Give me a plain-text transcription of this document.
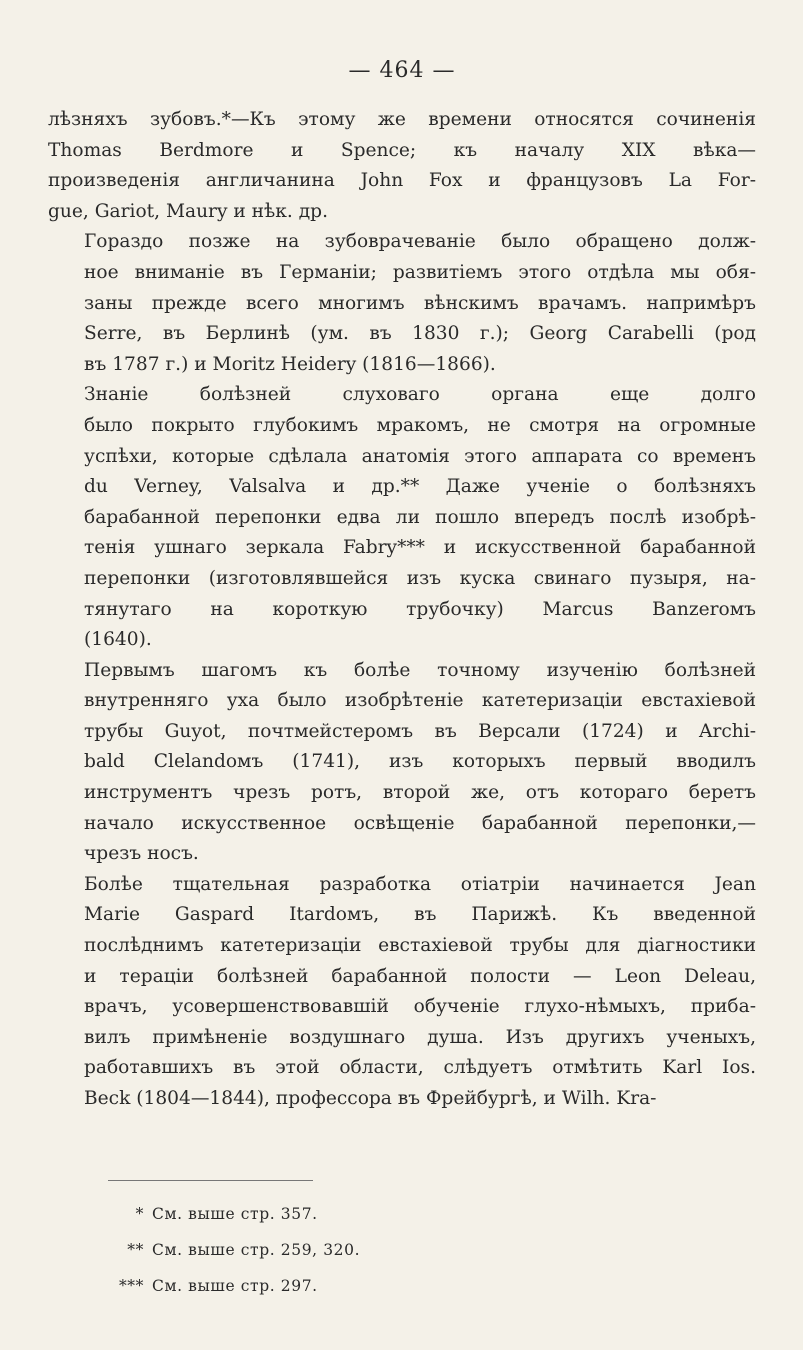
— 464 —

лѣзняхъ зубовъ.*—Къ этому же времени относятся сочиненія
Thomas Berdmore и Spence; къ началу XIX вѣка—
произведенія англичанина John Fox и французовъ La For-
gue, Gariot, Maury и нѣк. др.

Гораздо позже на зубоврачеваніе было обращено долж-
ное вниманіе въ Германіи; развитіемъ этого отдѣла мы обя-
заны прежде всего многимъ вѣнскимъ врачамъ. напримѣръ
Serre, въ Берлинѣ (ум. въ 1830 г.); Georg Carabelli (род
въ 1787 г.) и Moritz Heidery (1816—1866).

Знаніе болѣзней слуховаго органа еще долго
было покрыто глубокимъ мракомъ, не смотря на огромные
успѣхи, которые сдѣлала анатомія этого аппарата со временъ
du Verney, Valsalva и др.** Даже ученіе о болѣзняхъ
барабанной перепонки едва ли пошло впередъ послѣ изобрѣ-
тенія ушнаго зеркала Fabry*** и искусственной барабанной
перепонки (изготовлявшейся изъ куска свинаго пузыря, на-
тянутаго на короткую трубочку) Marcus Banzerомъ
(1640).

Первымъ шагомъ къ болѣе точному изученію болѣзней
внутренняго уха было изобрѣтеніе катетеризаціи евстахіевой
трубы Guyot, почтмейстеромъ въ Версали (1724) и Archi-
bald Clelandомъ (1741), изъ которыхъ первый вводилъ
инструментъ чрезъ ротъ, второй же, отъ котораго беретъ
начало искусственное освѣщеніе барабанной перепонки,—
чрезъ носъ.

Болѣе тщательная разработка отіатріи начинается Jean
Marie Gaspard Itardомъ, въ Парижѣ. Къ введенной
послѣднимъ катетеризаціи евстахіевой трубы для діагностики
и тераціи болѣзней барабанной полости — Leon Deleau,
врачъ, усовершенствовавшій обученіе глухо-нѣмыхъ, приба-
вилъ примѣненіе воздушнаго душа. Изъ другихъ ученыхъ,
работавшихъ въ этой области, слѣдуетъ отмѣтить Karl Ios.
Beck (1804—1844), профессора въ Фрейбургѣ, и Wilh. Kra-

* См. выше стр. 357.
** См. выше стр. 259, 320.
*** См. выше стр. 297.
